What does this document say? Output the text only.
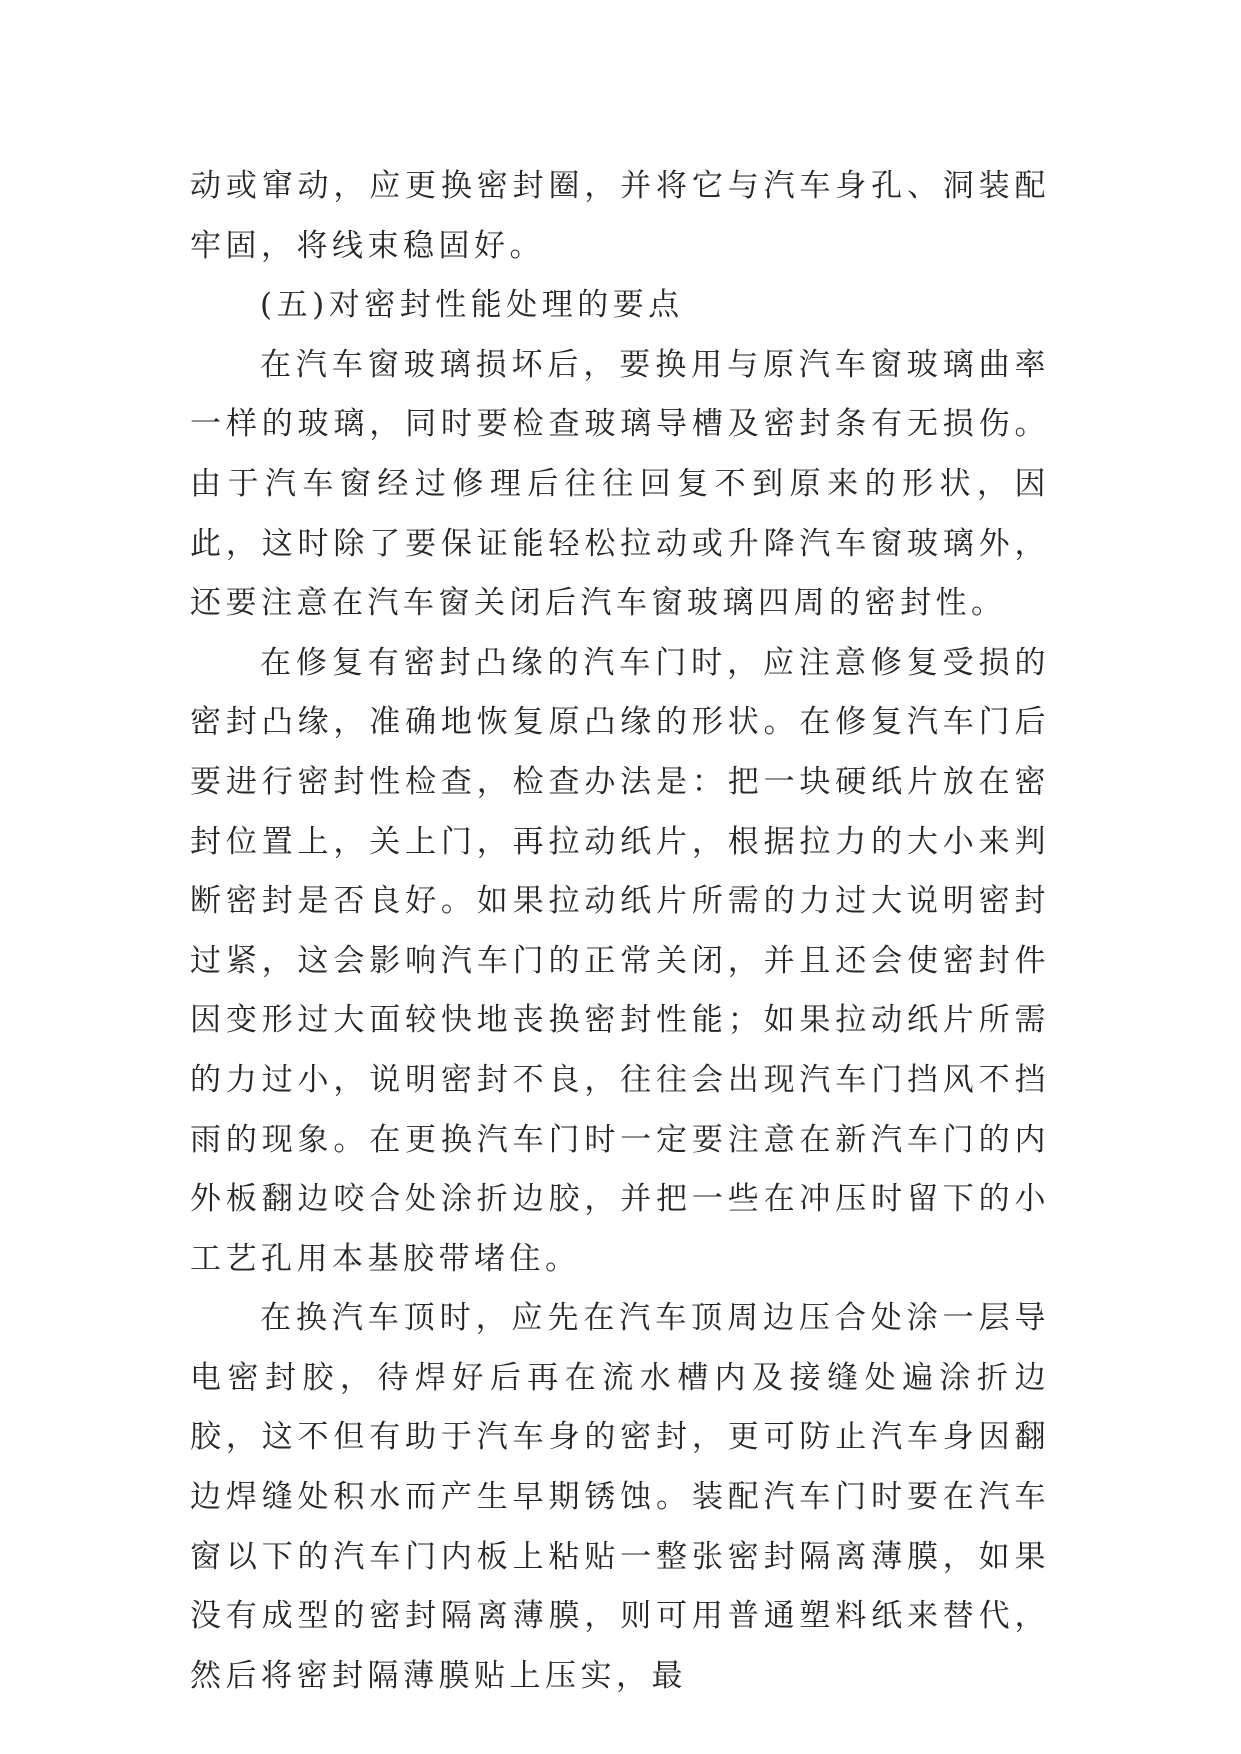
动或窜动，应更换密封圈，并将它与汽车身孔、洞装配牢固，将线束稳固好。

(五)对密封性能处理的要点

在汽车窗玻璃损坏后，要换用与原汽车窗玻璃曲率一样的玻璃，同时要检查玻璃导槽及密封条有无损伤。由于汽车窗经过修理后往往回复不到原来的形状，因此，这时除了要保证能轻松拉动或升降汽车窗玻璃外，还要注意在汽车窗关闭后汽车窗玻璃四周的密封性。

在修复有密封凸缘的汽车门时，应注意修复受损的密封凸缘，准确地恢复原凸缘的形状。在修复汽车门后要进行密封性检查，检查办法是：把一块硬纸片放在密封位置上，关上门，再拉动纸片，根据拉力的大小来判断密封是否良好。如果拉动纸片所需的力过大说明密封过紧，这会影响汽车门的正常关闭，并且还会使密封件因变形过大面较快地丧换密封性能；如果拉动纸片所需的力过小，说明密封不良，往往会出现汽车门挡风不挡雨的现象。在更换汽车门时一定要注意在新汽车门的内外板翻边咬合处涂折边胶，并把一些在冲压时留下的小工艺孔用本基胶带堵住。

在换汽车顶时，应先在汽车顶周边压合处涂一层导电密封胶，待焊好后再在流水槽内及接缝处遍涂折边胶，这不但有助于汽车身的密封，更可防止汽车身因翻边焊缝处积水而产生早期锈蚀。装配汽车门时要在汽车窗以下的汽车门内板上粘贴一整张密封隔离薄膜，如果没有成型的密封隔离薄膜，则可用普通塑料纸来替代，然后将密封隔薄膜贴上压实，最
